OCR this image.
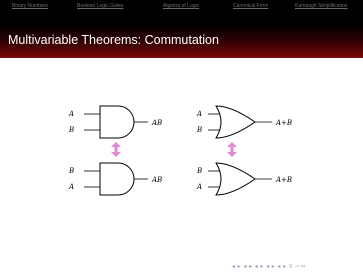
Binary Numbers	Boolean Logic Gates	Algebra of Logic	Canonical Form	Karnaugh Simplification
Multivariable Theorems: Commutation
A
B
AB
A
B
A+B
B
A
AB
B
A
A+B
◂ ▸ ◂ ▸ ◂ ▸ ◂ ▸ ◂ ▸ ≡ ∽∾
